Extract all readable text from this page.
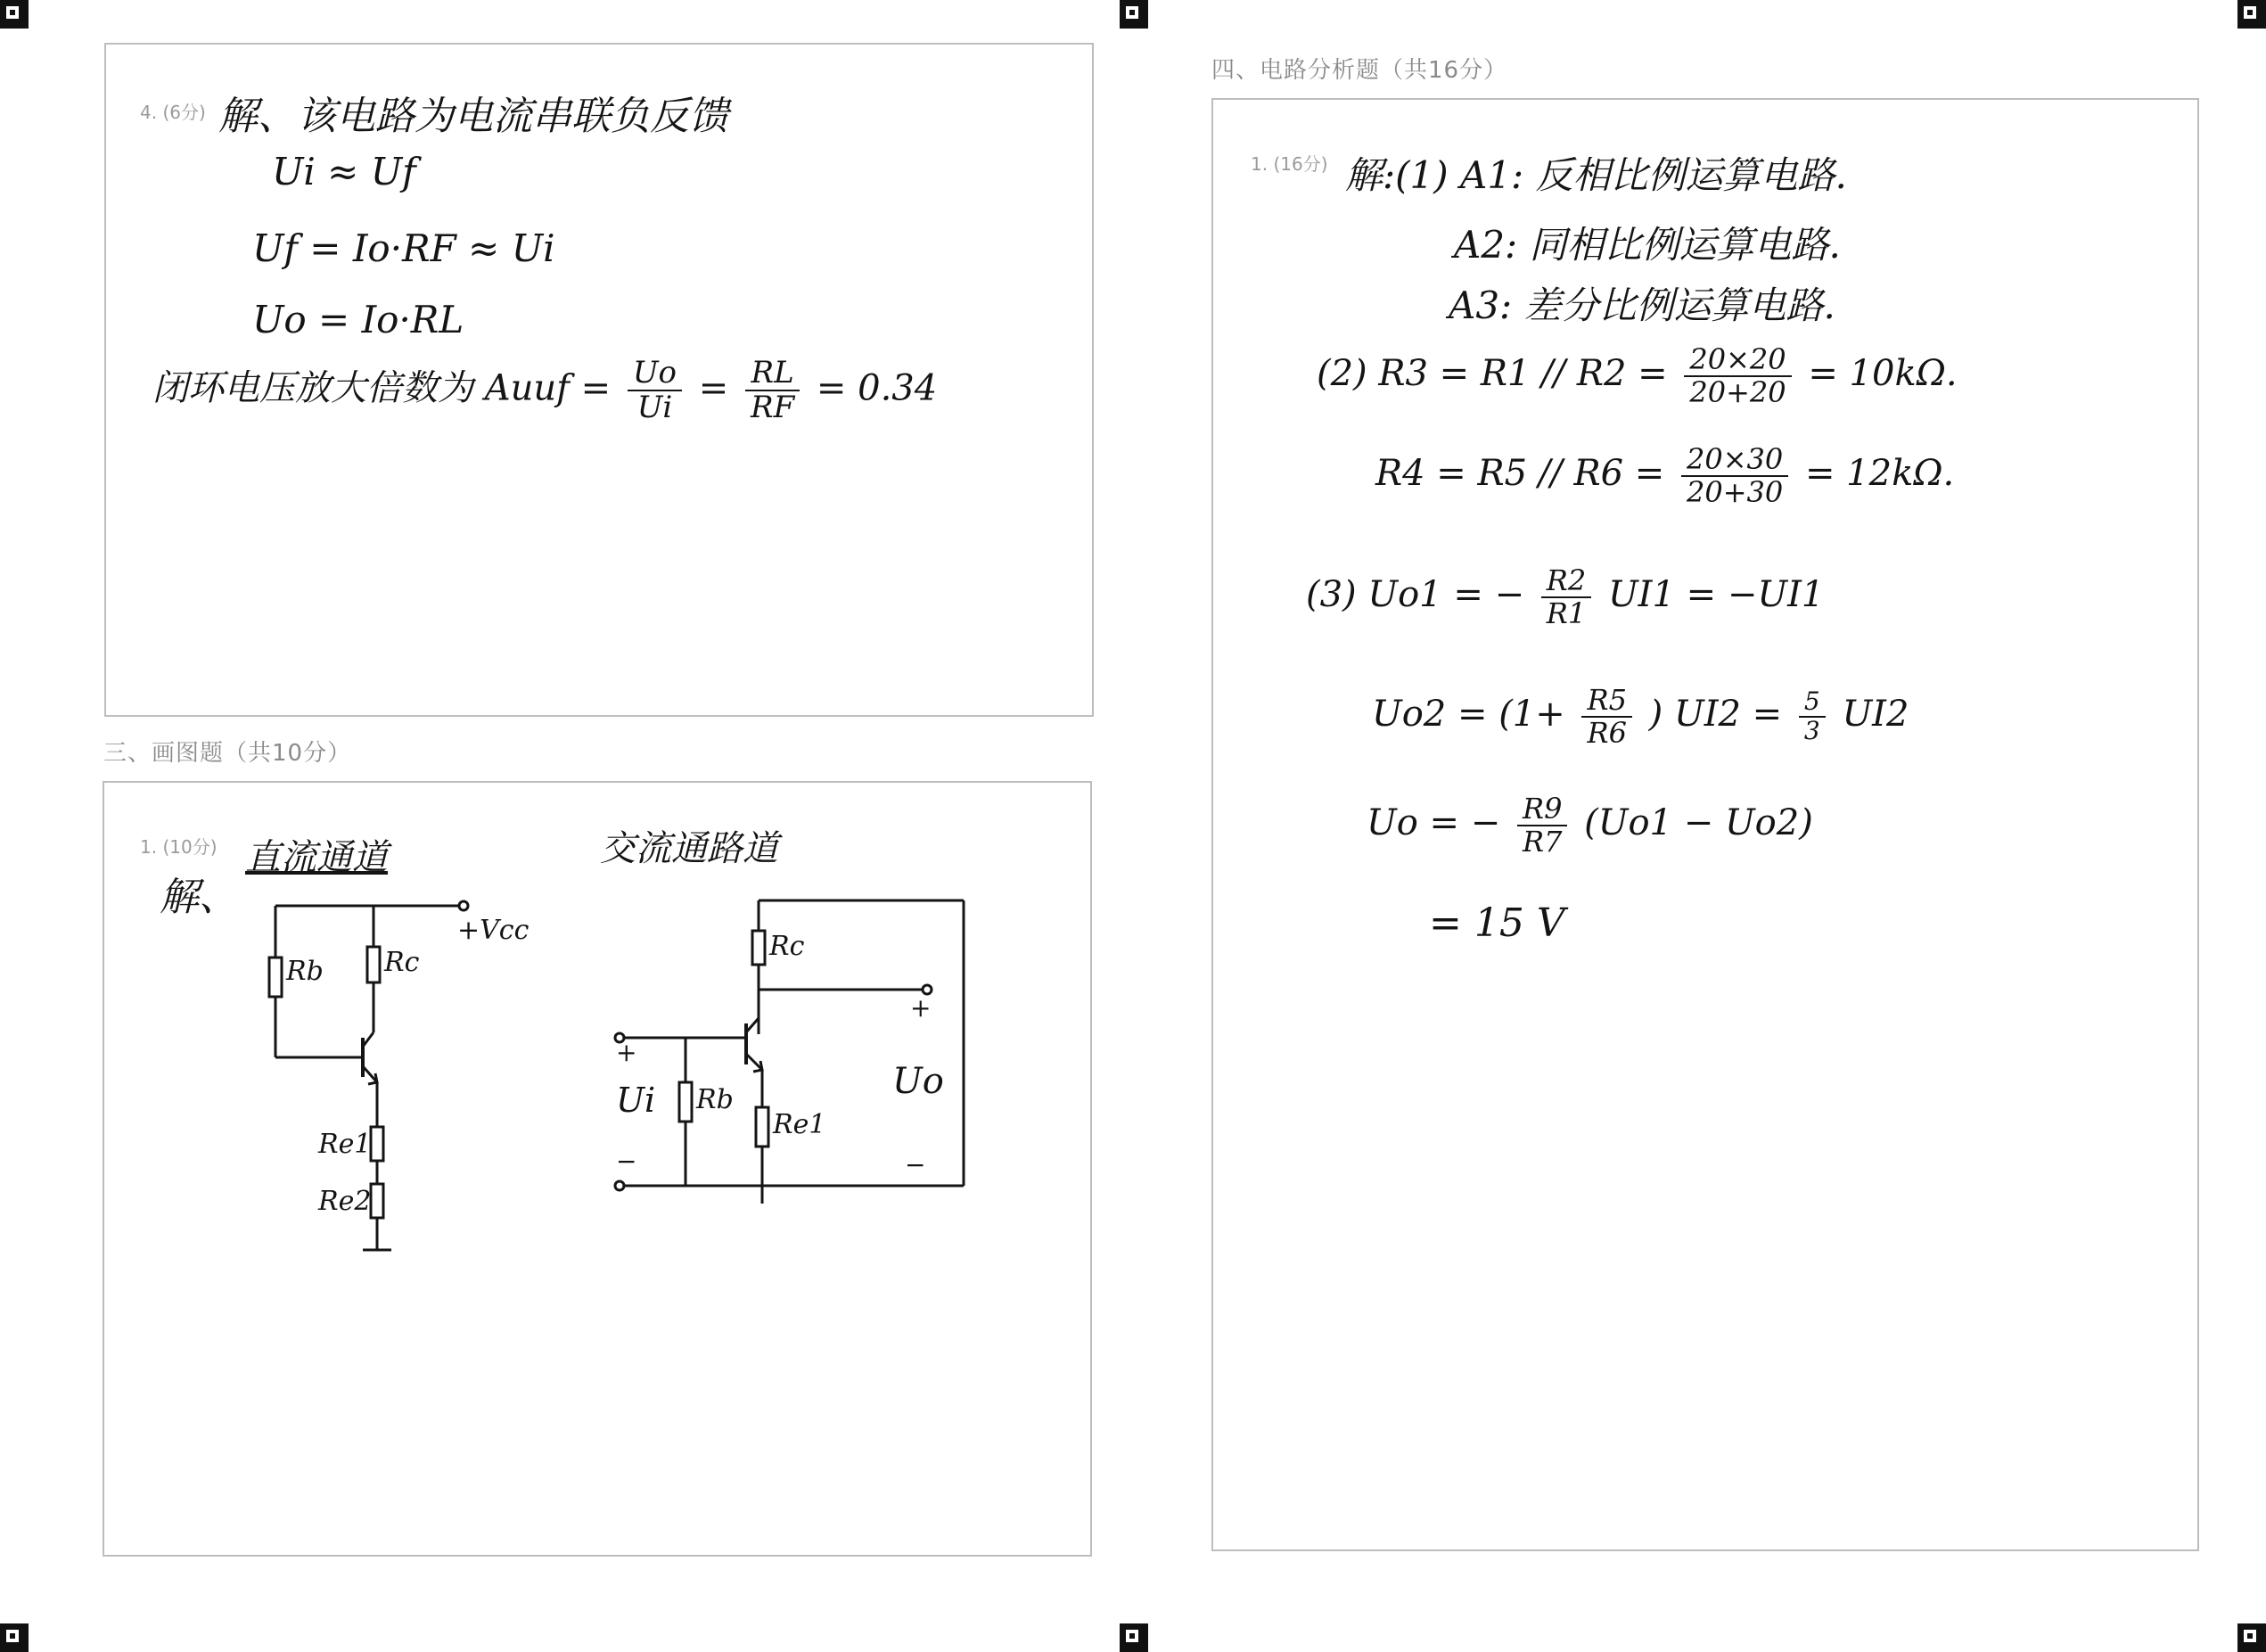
4. (6分) 解、该电路为电流串联负反馈
Ui ≈ Uf
Uf = Io·RF ≈ Ui
Uo = Io·RL
闭环电压放大倍数为 Auuf = $\frac{Uo}{Ui} = \frac{RL}{RF} = 0.34$
三、画图题（共10分）
1. (10分)
解、
直流通道	交流通路道
+Vcc
Rb Rc
Re1
Re2
Rc
Rb
Re1
Ui	Uo
+
−
+
−
四、电路分析题（共16分）
1. (16分) 解:(1) A1: 反相比例运算电路.
A2: 同相比例运算电路.
A3: 差分比例运算电路.
(2) $R3 = R1 // R2 = \frac{20\times 20}{20+20} = 10k\Omega$.
$R4 = R5 // R6 = \frac{20\times 30}{20+30} = 12k\Omega$.
(3) Uo1 = − $\frac{R2}{R1} UI1 = -UI1$
$Uo2 = (1+ \frac{R5}{R6}$ ) $UI2 = \frac{5}{3} UI2$
Uo = − $\frac{R9}{R7} (Uo1 - Uo2)$
= 15 V
